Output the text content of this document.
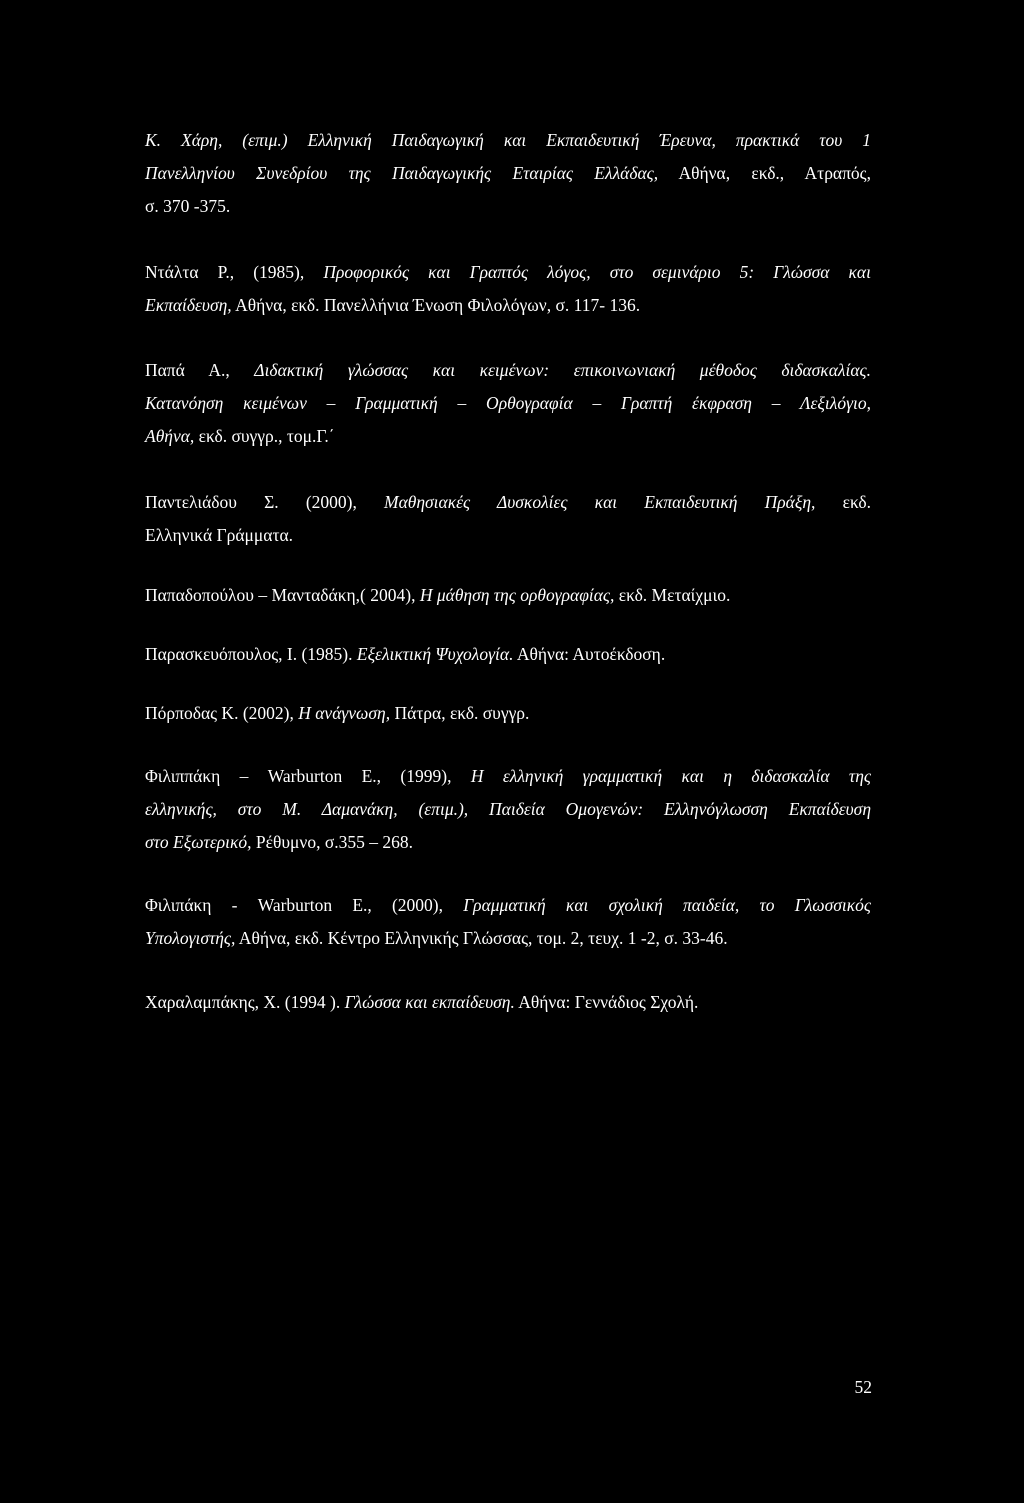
Κ. Χάρη, (επιμ.) Ελληνική Παιδαγωγική και Εκπαιδευτική Έρευνα, πρακτικά του 1
Πανελληνίου Συνεδρίου της Παιδαγωγικής Εταιρίας Ελλάδας, Αθήνα, εκδ., Ατραπός,
σ. 370 -375.
Ντάλτα Ρ., (1985), Προφορικός και Γραπτός λόγος, στο σεμινάριο 5: Γλώσσα και
Εκπαίδευση, Αθήνα, εκδ. Πανελλήνια Ένωση Φιλολόγων, σ. 117- 136.
Παπά Α., Διδακτική γλώσσας και κειμένων: επικοινωνιακή μέθοδος διδασκαλίας.
Κατανόηση κειμένων – Γραμματική – Ορθογραφία – Γραπτή έκφραση – Λεξιλόγιο,
Αθήνα, εκδ. συγγρ., τομ.Γ.΄
Παντελιάδου Σ. (2000), Μαθησιακές Δυσκολίες και Εκπαιδευτική Πράξη, εκδ.
Ελληνικά Γράμματα.
Παπαδοπούλου – Μανταδάκη,( 2004), Η μάθηση της ορθογραφίας, εκδ. Μεταίχμιο.
Παρασκευόπουλος, Ι. (1985). Εξελικτική Ψυχολογία. Αθήνα: Αυτοέκδοση.
Πόρποδας Κ. (2002), Η ανάγνωση, Πάτρα, εκδ. συγγρ.
Φιλιππάκη – Warburton Ε., (1999), Η ελληνική γραμματική και η διδασκαλία της
ελληνικής, στο Μ. Δαμανάκη, (επιμ.), Παιδεία Ομογενών: Ελληνόγλωσση Εκπαίδευση
στο Εξωτερικό, Ρέθυμνο, σ.355 – 268.
Φιλιπάκη - Warburton Ε., (2000), Γραμματική και σχολική παιδεία, το Γλωσσικός
Υπολογιστής, Αθήνα, εκδ. Κέντρο Ελληνικής Γλώσσας, τομ. 2, τευχ. 1 -2, σ. 33-46.
Χαραλαμπάκης, Χ. (1994 ). Γλώσσα και εκπαίδευση. Αθήνα: Γεννάδιος Σχολή.
52
